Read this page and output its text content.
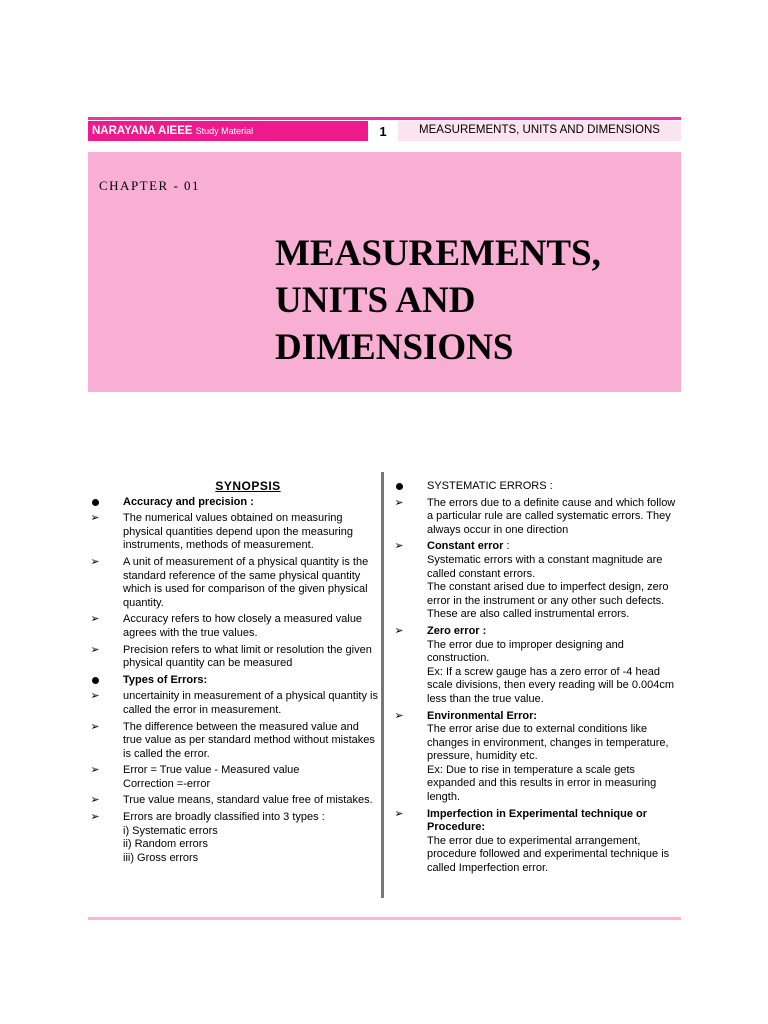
NARAYANA AIEEE Study Material	1	MEASUREMENTS, UNITS AND DIMENSIONS
CHAPTER - 01
MEASUREMENTS,
UNITS AND
DIMENSIONS
SYNOPSIS
Accuracy and precision :
➢ The numerical values obtained on measuring physical quantities depend upon the measuring instruments, methods of measurement.
➢ A unit of measurement of a physical quantity is the standard reference of the same physical quantity which is used for comparison of the given physical quantity.
➢ Accuracy refers to how closely a measured value agrees with the true values.
➢ Precision refers to what limit or resolution the given physical quantity can be measured
Types of Errors:
➢ uncertainity in measurement of a physical quantity is called the error in measurement.
➢ The difference between the measured value and true value as per standard method without mistakes is called the error.
➢ Error = True value - Measured value
Correction =-error
➢ True value means, standard value free of mistakes.
➢ Errors are broadly classified into 3 types :
i) Systematic errors
ii) Random errors
iii) Gross errors
SYSTEMATIC ERRORS :
➢ The errors due to a definite cause and which follow a particular rule are called systematic errors. They always occur in one direction
➢ Constant error :
Systematic errors with a constant magnitude are called constant errors.
The constant arised due to imperfect design, zero error in the instrument or any other such defects. These are also called instrumental errors.
➢ Zero error :
The error due to improper designing and construction.
Ex: If a screw gauge has a zero error of -4 head scale divisions, then every reading will be 0.004cm less than the true value.
➢ Environmental Error:
The error arise due to external conditions like changes in environment, changes in temperature, pressure, humidity etc.
Ex: Due to rise in temperature a scale gets expanded and this results in error in measuring length.
➢ Imperfection in Experimental technique or Procedure:
The error due to experimental arrangement, procedure followed and experimental technique is called Imperfection error.
